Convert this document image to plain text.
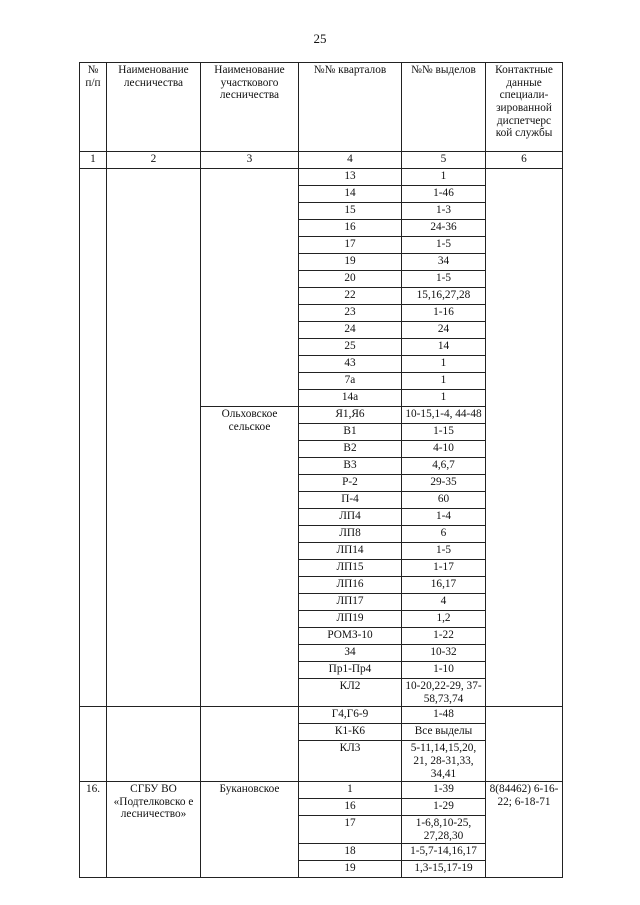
25
№ п/п	Наименование лесничества	Наименование участкового лесничества	№№ кварталов	№№ выделов	Контактные данные специали-зированной диспетчерс кой службы
1	2	3	4	5	6
			13	1	
			14	1-46	
			15	1-3	
			16	24-36	
			17	1-5	
			19	34	
			20	1-5	
			22	15,16,27,28	
			23	1-16	
			24	24	
			25	14	
			43	1	
			7а	1	
			14а	1	
		Ольховское сельское	Я1,Я6	10-15,1-4, 44-48	
			В1	1-15	
			В2	4-10	
			В3	4,6,7	
			Р-2	29-35	
			П-4	60	
			ЛП4	1-4	
			ЛП8	6	
			ЛП14	1-5	
			ЛП15	1-17	
			ЛП16	16,17	
			ЛП17	4	
			ЛП19	1,2	
			РОМЗ-10	1-22	
			З4	10-32	
			Пр1-Пр4	1-10	
			КЛ2	10-20,22-29, 37-58,73,74	
			Г4,Г6-9	1-48	
			К1-К6	Все выделы	
			КЛ3	5-11,14,15,20, 21, 28-31,33, 34,41	
16.	СГБУ ВО «Подтелковско е лесничество»	Букановское	1	1-39	8(84462) 6-16-22; 6-18-71
			16	1-29	
			17	1-6,8,10-25, 27,28,30	
			18	1-5,7-14,16,17	
			19	1,3-15,17-19	
